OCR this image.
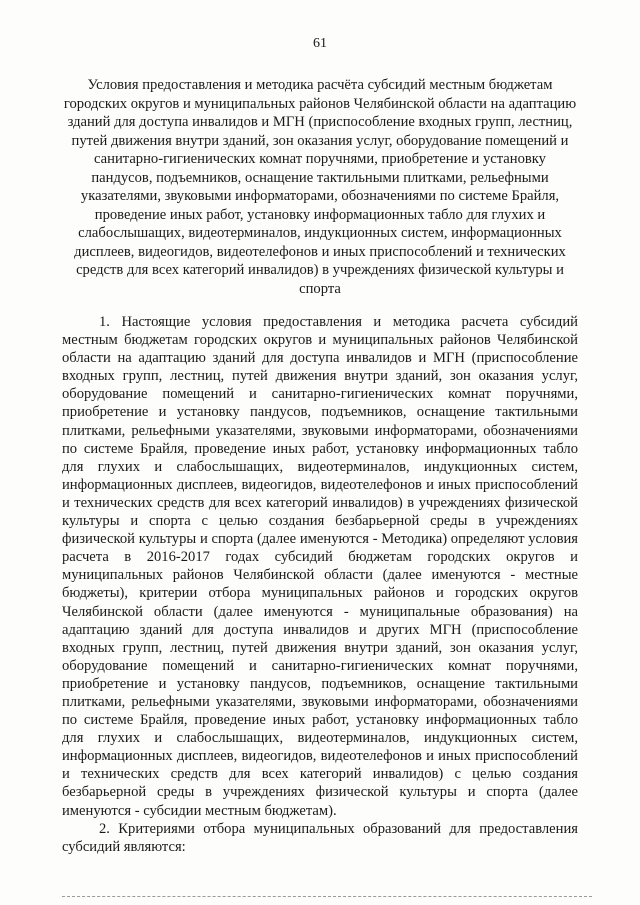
61
Условия предоставления и методика расчёта субсидий местным бюджетам городских округов и муниципальных районов Челябинской области на адаптацию зданий для доступа инвалидов и МГН (приспособление входных групп, лестниц, путей движения внутри зданий, зон оказания услуг, оборудование помещений и санитарно-гигиенических комнат поручнями, приобретение и установку пандусов, подъемников, оснащение тактильными плитками, рельефными указателями, звуковыми информаторами, обозначениями по системе Брайля, проведение иных работ, установку информационных табло для глухих и слабослышащих, видеотерминалов, индукционных систем, информационных дисплеев, видеогидов, видеотелефонов и иных приспособлений и технических средств для всех категорий инвалидов) в учреждениях физической культуры и спорта

1. Настоящие условия предоставления и методика расчета субсидий местным бюджетам городских округов и муниципальных районов Челябинской области на адаптацию зданий для доступа инвалидов и МГН (приспособление входных групп, лестниц, путей движения внутри зданий, зон оказания услуг, оборудование помещений и санитарно-гигиенических комнат поручнями, приобретение и установку пандусов, подъемников, оснащение тактильными плитками, рельефными указателями, звуковыми информаторами, обозначениями по системе Брайля, проведение иных работ, установку информационных табло для глухих и слабослышащих, видеотерминалов, индукционных систем, информационных дисплеев, видеогидов, видеотелефонов и иных приспособлений и технических средств для всех категорий инвалидов) в учреждениях физической культуры и спорта с целью создания безбарьерной среды в учреждениях физической культуры и спорта (далее именуются - Методика) определяют условия расчета в 2016-2017 годах субсидий бюджетам городских округов и муниципальных районов Челябинской области (далее именуются - местные бюджеты), критерии отбора муниципальных районов и городских округов Челябинской области (далее именуются - муниципальные образования) на адаптацию зданий для доступа инвалидов и других МГН (приспособление входных групп, лестниц, путей движения внутри зданий, зон оказания услуг, оборудование помещений и санитарно-гигиенических комнат поручнями, приобретение и установку пандусов, подъемников, оснащение тактильными плитками, рельефными указателями, звуковыми информаторами, обозначениями по системе Брайля, проведение иных работ, установку информационных табло для глухих и слабослышащих, видеотерминалов, индукционных систем, информационных дисплеев, видеогидов, видеотелефонов и иных приспособлений и технических средств для всех категорий инвалидов) с целью создания безбарьерной среды в учреждениях физической культуры и спорта (далее именуются - субсидии местным бюджетам).

2. Критериями отбора муниципальных образований для предоставления субсидий являются:
